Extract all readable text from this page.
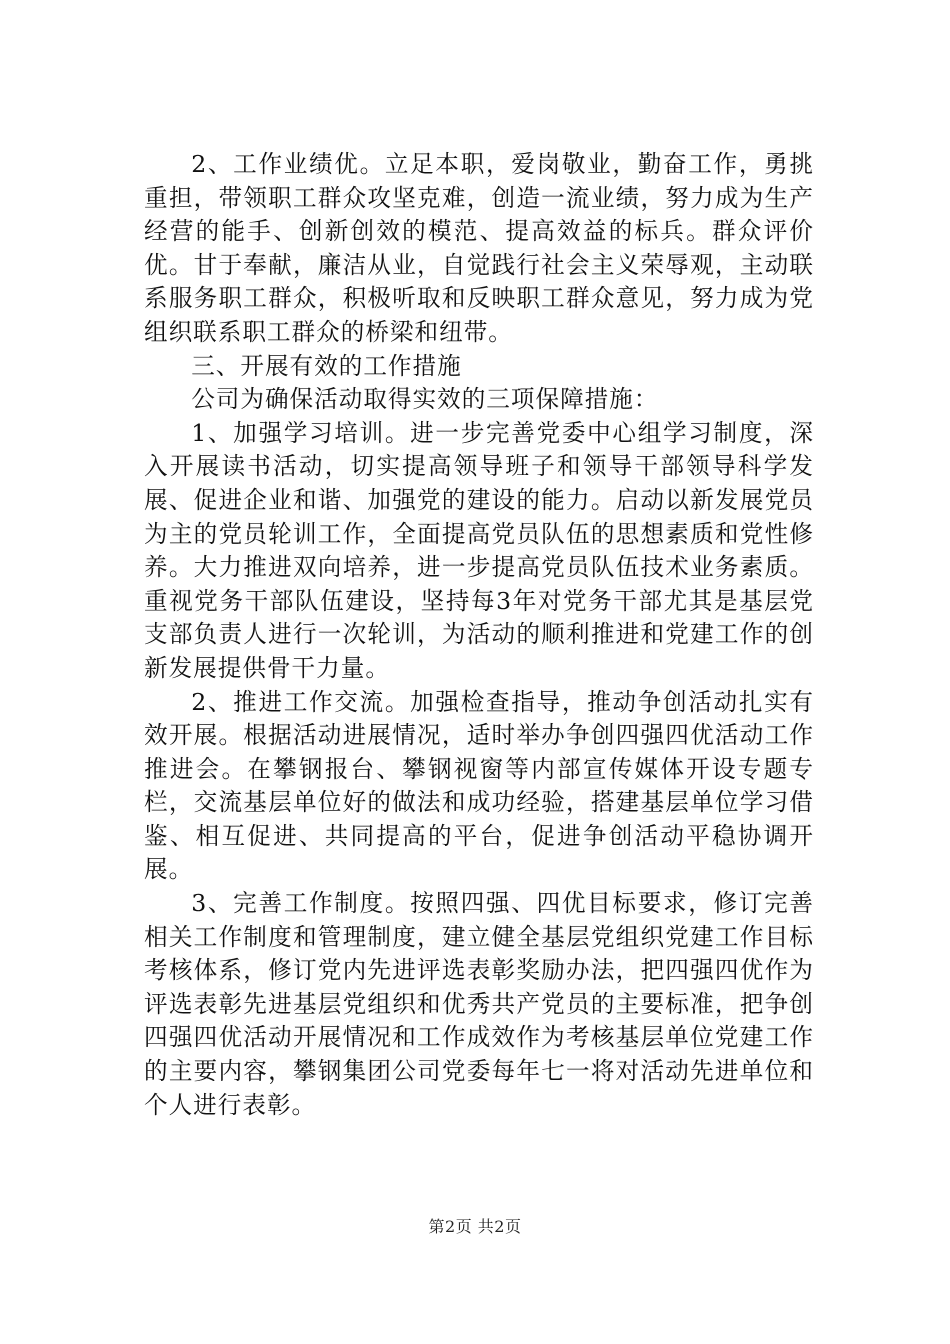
2、工作业绩优。立足本职，爱岗敬业，勤奋工作，勇挑重担，带领职工群众攻坚克难，创造一流业绩，努力成为生产经营的能手、创新创效的模范、提高效益的标兵。群众评价优。甘于奉献，廉洁从业，自觉践行社会主义荣辱观，主动联系服务职工群众，积极听取和反映职工群众意见，努力成为党组织联系职工群众的桥梁和纽带。

三、开展有效的工作措施

公司为确保活动取得实效的三项保障措施：

1、加强学习培训。进一步完善党委中心组学习制度，深入开展读书活动，切实提高领导班子和领导干部领导科学发展、促进企业和谐、加强党的建设的能力。启动以新发展党员为主的党员轮训工作，全面提高党员队伍的思想素质和党性修养。大力推进双向培养，进一步提高党员队伍技术业务素质。重视党务干部队伍建设，坚持每3年对党务干部尤其是基层党支部负责人进行一次轮训，为活动的顺利推进和党建工作的创新发展提供骨干力量。

2、推进工作交流。加强检查指导，推动争创活动扎实有效开展。根据活动进展情况，适时举办争创四强四优活动工作推进会。在攀钢报台、攀钢视窗等内部宣传媒体开设专题专栏，交流基层单位好的做法和成功经验，搭建基层单位学习借鉴、相互促进、共同提高的平台，促进争创活动平稳协调开展。

3、完善工作制度。按照四强、四优目标要求，修订完善相关工作制度和管理制度，建立健全基层党组织党建工作目标考核体系，修订党内先进评选表彰奖励办法，把四强四优作为评选表彰先进基层党组织和优秀共产党员的主要标准，把争创四强四优活动开展情况和工作成效作为考核基层单位党建工作的主要内容，攀钢集团公司党委每年七一将对活动先进单位和个人进行表彰。

第2页 共2页
